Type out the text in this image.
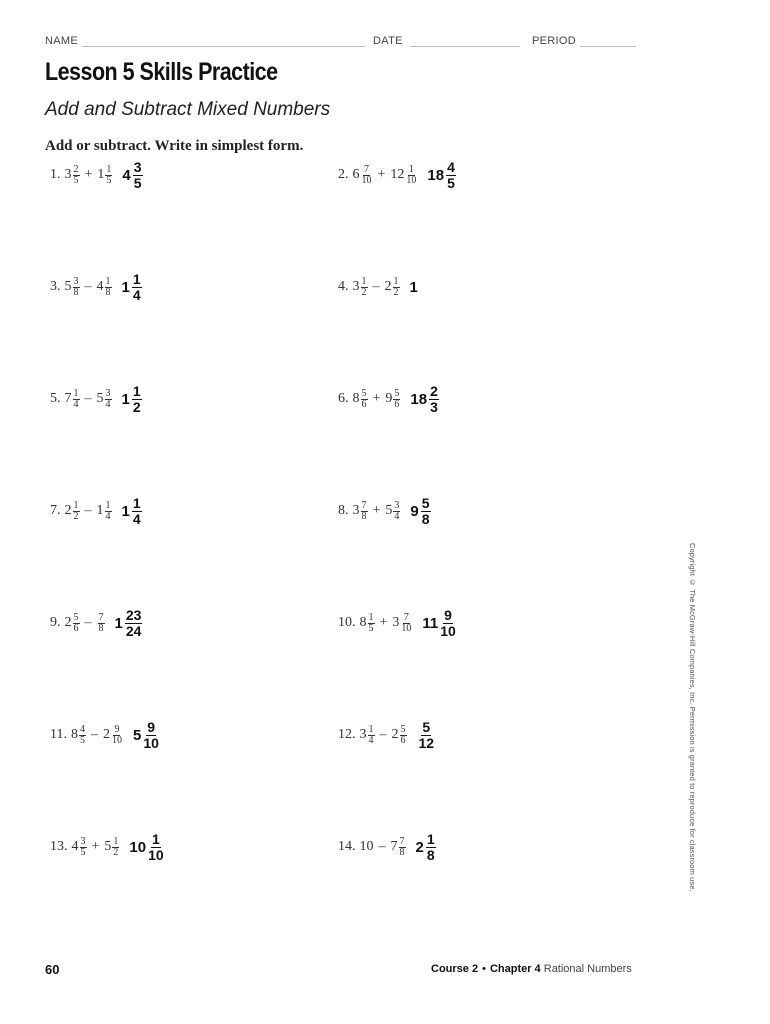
NAME	DATE	PERIOD
Lesson 5 Skills Practice
Add and Subtract Mixed Numbers
Add or subtract. Write in simplest form.
1. $3 \frac{2}{5} + 1 \frac{1}{5} 4 \frac{3}{5}$	2. $6 \frac{7}{10} + 12 \frac{1}{10} 18 \frac{4}{5}$
3. $5 \frac{3}{8} - 4 \frac{1}{8} 1 \frac{1}{4}$	4. $3 \frac{1}{2} - 2 \frac{1}{2} 1$
5. $7 \frac{1}{4} - 5 \frac{3}{4} 1 \frac{1}{2}$	6. $8 \frac{5}{6} + 9 \frac{5}{6} 18 \frac{2}{3}$
7. $2 \frac{1}{2} - 1 \frac{1}{4} 1 \frac{1}{4}$	8. $3 \frac{7}{8} + 5 \frac{3}{4} 9 \frac{5}{8}$
9. $2 \frac{5}{6} - \frac{7}{8} 1 \frac{23}{24}$	10. $8 \frac{1}{5} + 3 \frac{7}{10} 11 \frac{9}{10}$
11. $8 \frac{4}{5} - 2 \frac{9}{10} 5 \frac{9}{10}$	12. $3 \frac{1}{4} - 2 \frac{5}{6} \frac{5}{12}$
13. $4 \frac{3}{5} + 5 \frac{1}{2} 10 \frac{1}{10}$	14. $10 - 7 \frac{7}{8} 2 \frac{1}{8}$	Copyright © The McGraw-Hill Companies, Inc. Permission is granted to reproduce for classroom use.
60	Course 2 • Chapter 4 Rational Numbers
